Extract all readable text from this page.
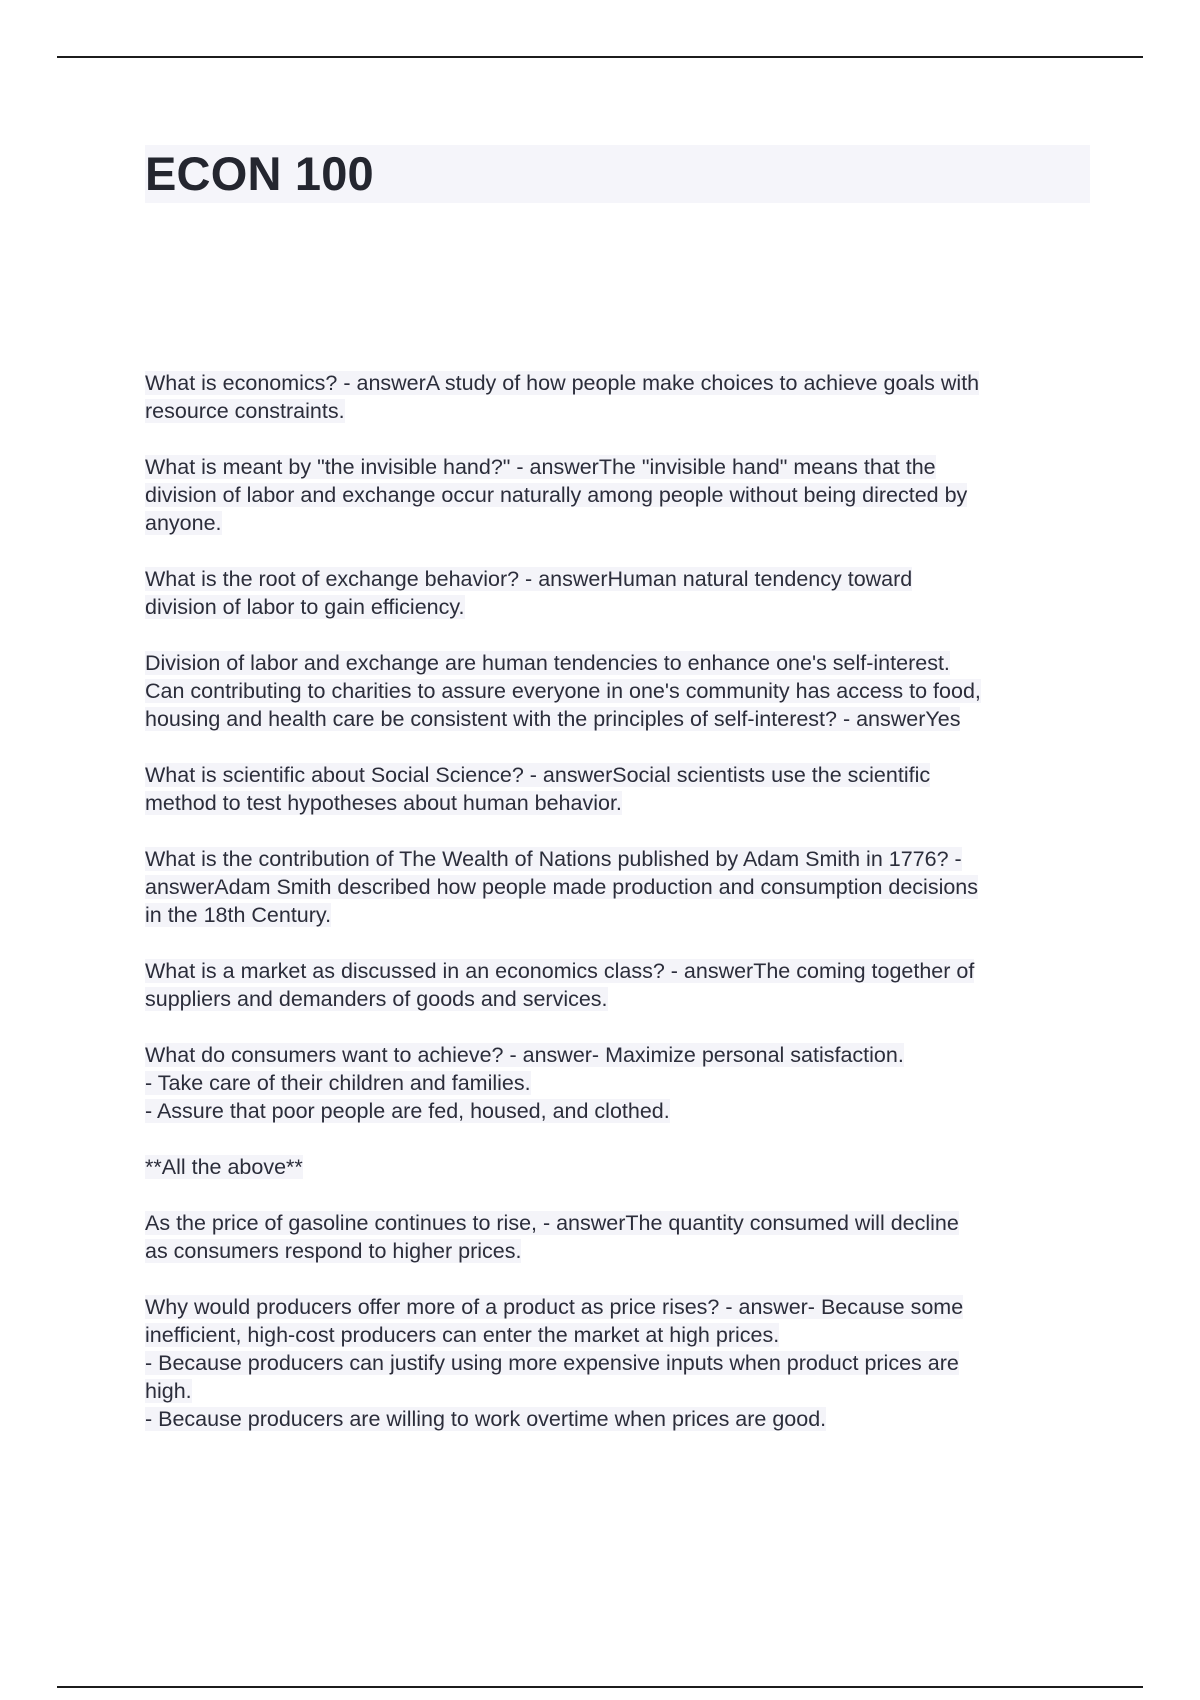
ECON 100

What is economics? - answerA study of how people make choices to achieve goals with
resource constraints.

What is meant by "the invisible hand?" - answerThe "invisible hand" means that the
division of labor and exchange occur naturally among people without being directed by
anyone.

What is the root of exchange behavior? - answerHuman natural tendency toward
division of labor to gain efficiency.

Division of labor and exchange are human tendencies to enhance one's self-interest.
Can contributing to charities to assure everyone in one's community has access to food,
housing and health care be consistent with the principles of self-interest? - answerYes

What is scientific about Social Science? - answerSocial scientists use the scientific
method to test hypotheses about human behavior.

What is the contribution of The Wealth of Nations published by Adam Smith in 1776? -
answerAdam Smith described how people made production and consumption decisions
in the 18th Century.

What is a market as discussed in an economics class? - answerThe coming together of
suppliers and demanders of goods and services.

What do consumers want to achieve? - answer- Maximize personal satisfaction.
- Take care of their children and families.
- Assure that poor people are fed, housed, and clothed.

**All the above**

As the price of gasoline continues to rise, - answerThe quantity consumed will decline
as consumers respond to higher prices.

Why would producers offer more of a product as price rises? - answer- Because some
inefficient, high-cost producers can enter the market at high prices.
- Because producers can justify using more expensive inputs when product prices are
high.
- Because producers are willing to work overtime when prices are good.
